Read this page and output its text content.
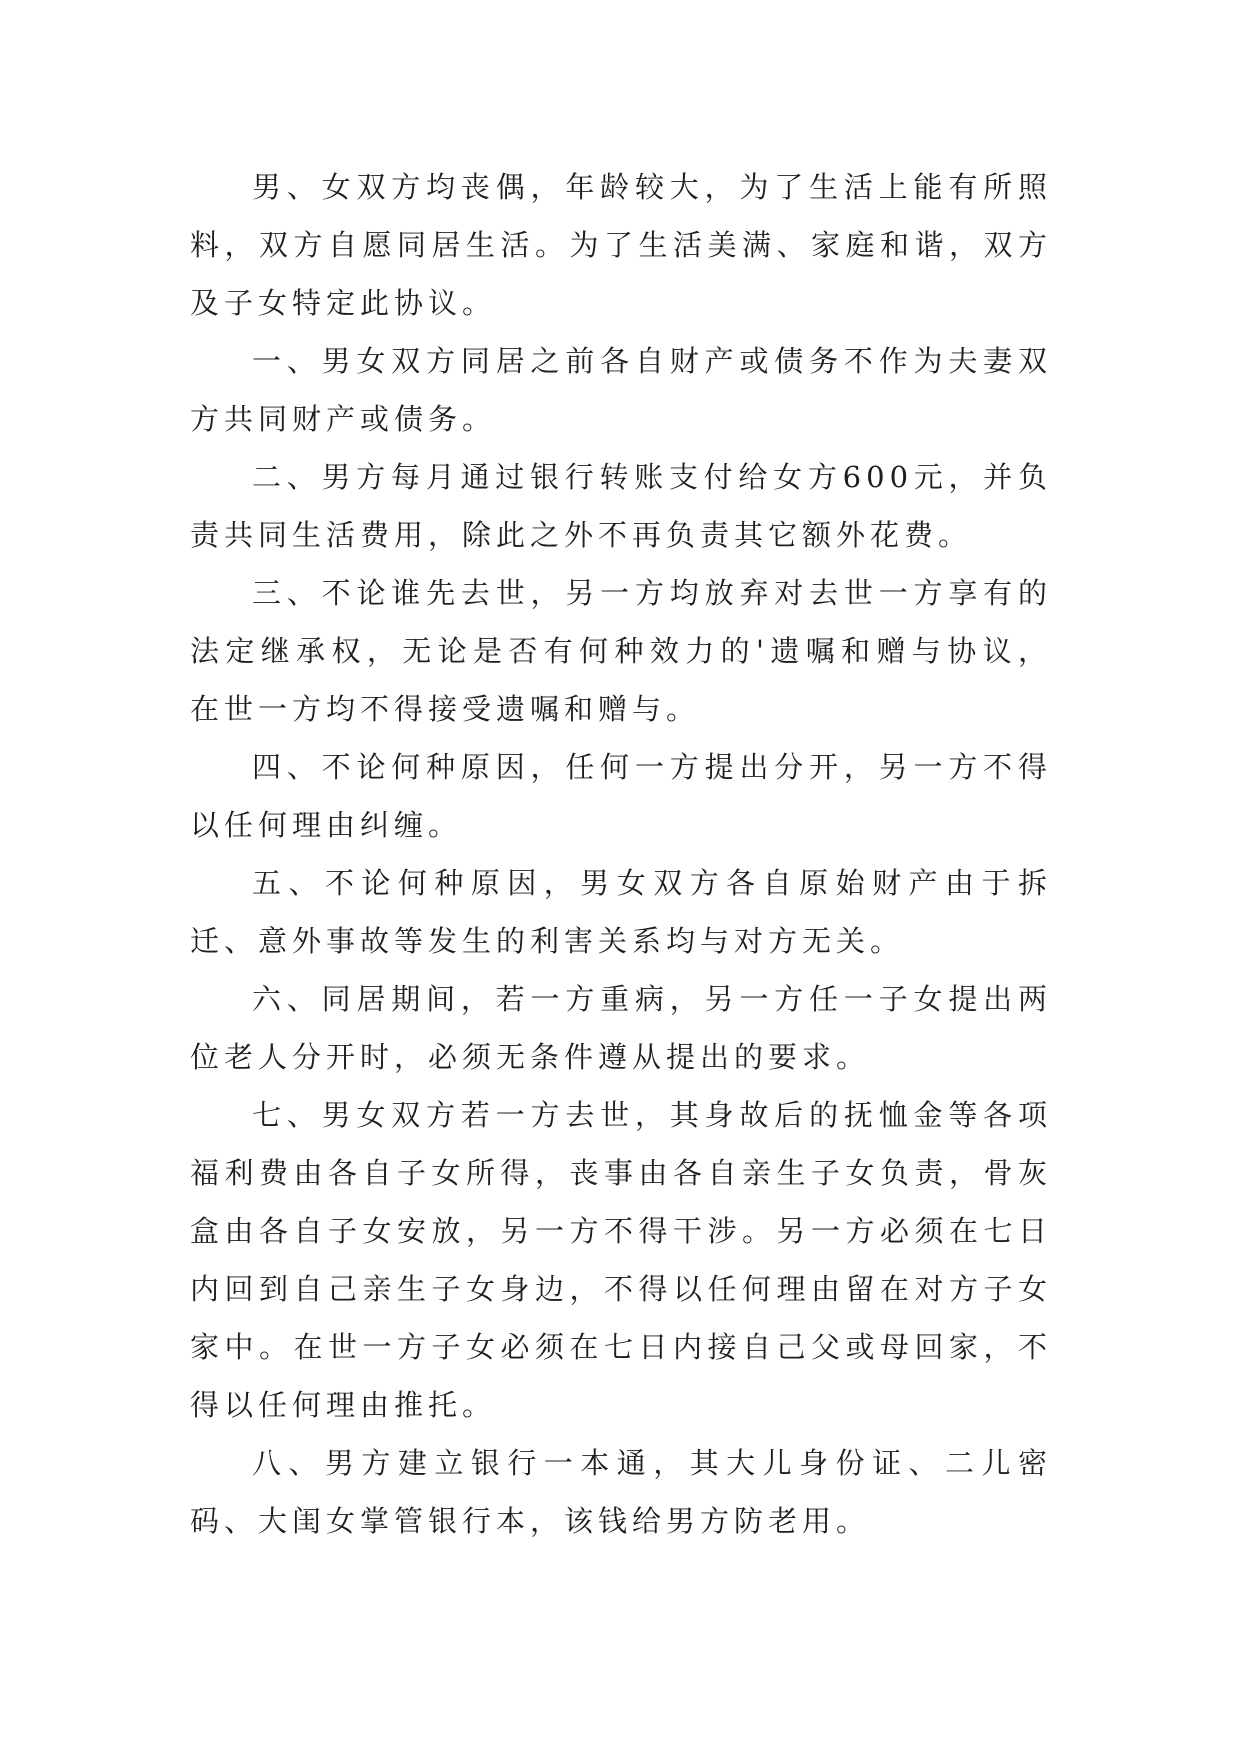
男、女双方均丧偶，年龄较大，为了生活上能有所照料，双方自愿同居生活。为了生活美满、家庭和谐，双方及子女特定此协议。

一、男女双方同居之前各自财产或债务不作为夫妻双方共同财产或债务。

二、男方每月通过银行转账支付给女方600元，并负责共同生活费用，除此之外不再负责其它额外花费。

三、不论谁先去世，另一方均放弃对去世一方享有的法定继承权，无论是否有何种效力的'遗嘱和赠与协议，在世一方均不得接受遗嘱和赠与。

四、不论何种原因，任何一方提出分开，另一方不得以任何理由纠缠。

五、不论何种原因，男女双方各自原始财产由于拆迁、意外事故等发生的利害关系均与对方无关。

六、同居期间，若一方重病，另一方任一子女提出两位老人分开时，必须无条件遵从提出的要求。

七、男女双方若一方去世，其身故后的抚恤金等各项福利费由各自子女所得，丧事由各自亲生子女负责，骨灰盒由各自子女安放，另一方不得干涉。另一方必须在七日内回到自己亲生子女身边，不得以任何理由留在对方子女家中。在世一方子女必须在七日内接自己父或母回家，不得以任何理由推托。

八、男方建立银行一本通，其大儿身份证、二儿密码、大闺女掌管银行本，该钱给男方防老用。
